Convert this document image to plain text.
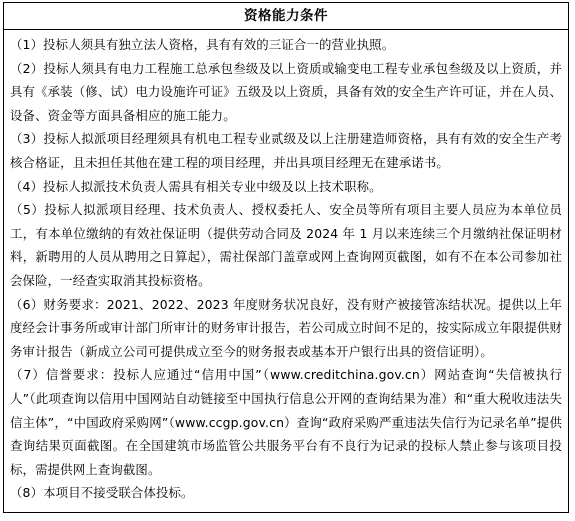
资格能力条件

（1）投标人须具有独立法人资格，具有有效的三证合一的营业执照。

（2）投标人须具有电力工程施工总承包叁级及以上资质或输变电工程专业承包叁级及以上资质，并具有《承装（修、试）电力设施许可证》五级及以上资质，具备有效的安全生产许可证，并在人员、设备、资金等方面具备相应的施工能力。

（3）投标人拟派项目经理须具有机电工程专业贰级及以上注册建造师资格，具有有效的安全生产考核合格证，且未担任其他在建工程的项目经理，并出具项目经理无在建承诺书。

（4）投标人拟派技术负责人需具有相关专业中级及以上技术职称。

（5）投标人拟派项目经理、技术负责人、授权委托人、安全员等所有项目主要人员应为本单位员工，有本单位缴纳的有效社保证明（提供劳动合同及 2024 年 1 月以来连续三个月缴纳社保证明材料，新聘用的人员从聘用之日算起），需社保部门盖章或网上查询网页截图，如有不在本公司参加社会保险，一经查实取消其投标资格。

（6）财务要求：2021、2022、2023 年度财务状况良好，没有财产被接管冻结状况。提供以上年度经会计事务所或审计部门所审计的财务审计报告，若公司成立时间不足的，按实际成立年限提供财务审计报告（新成立公司可提供成立至今的财务报表或基本开户银行出具的资信证明）。

（7）信誉要求：投标人应通过“信用中国”（www.creditchina.gov.cn）网站查询“失信被执行人”（此项查询以信用中国网站自动链接至中国执行信息公开网的查询结果为准）和“重大税收违法失信主体”，“中国政府采购网”（www.ccgp.gov.cn）查询“政府采购严重违法失信行为记录名单”提供查询结果页面截图。在全国建筑市场监管公共服务平台有不良行为记录的投标人禁止参与该项目投标，需提供网上查询截图。

（8）本项目不接受联合体投标。
